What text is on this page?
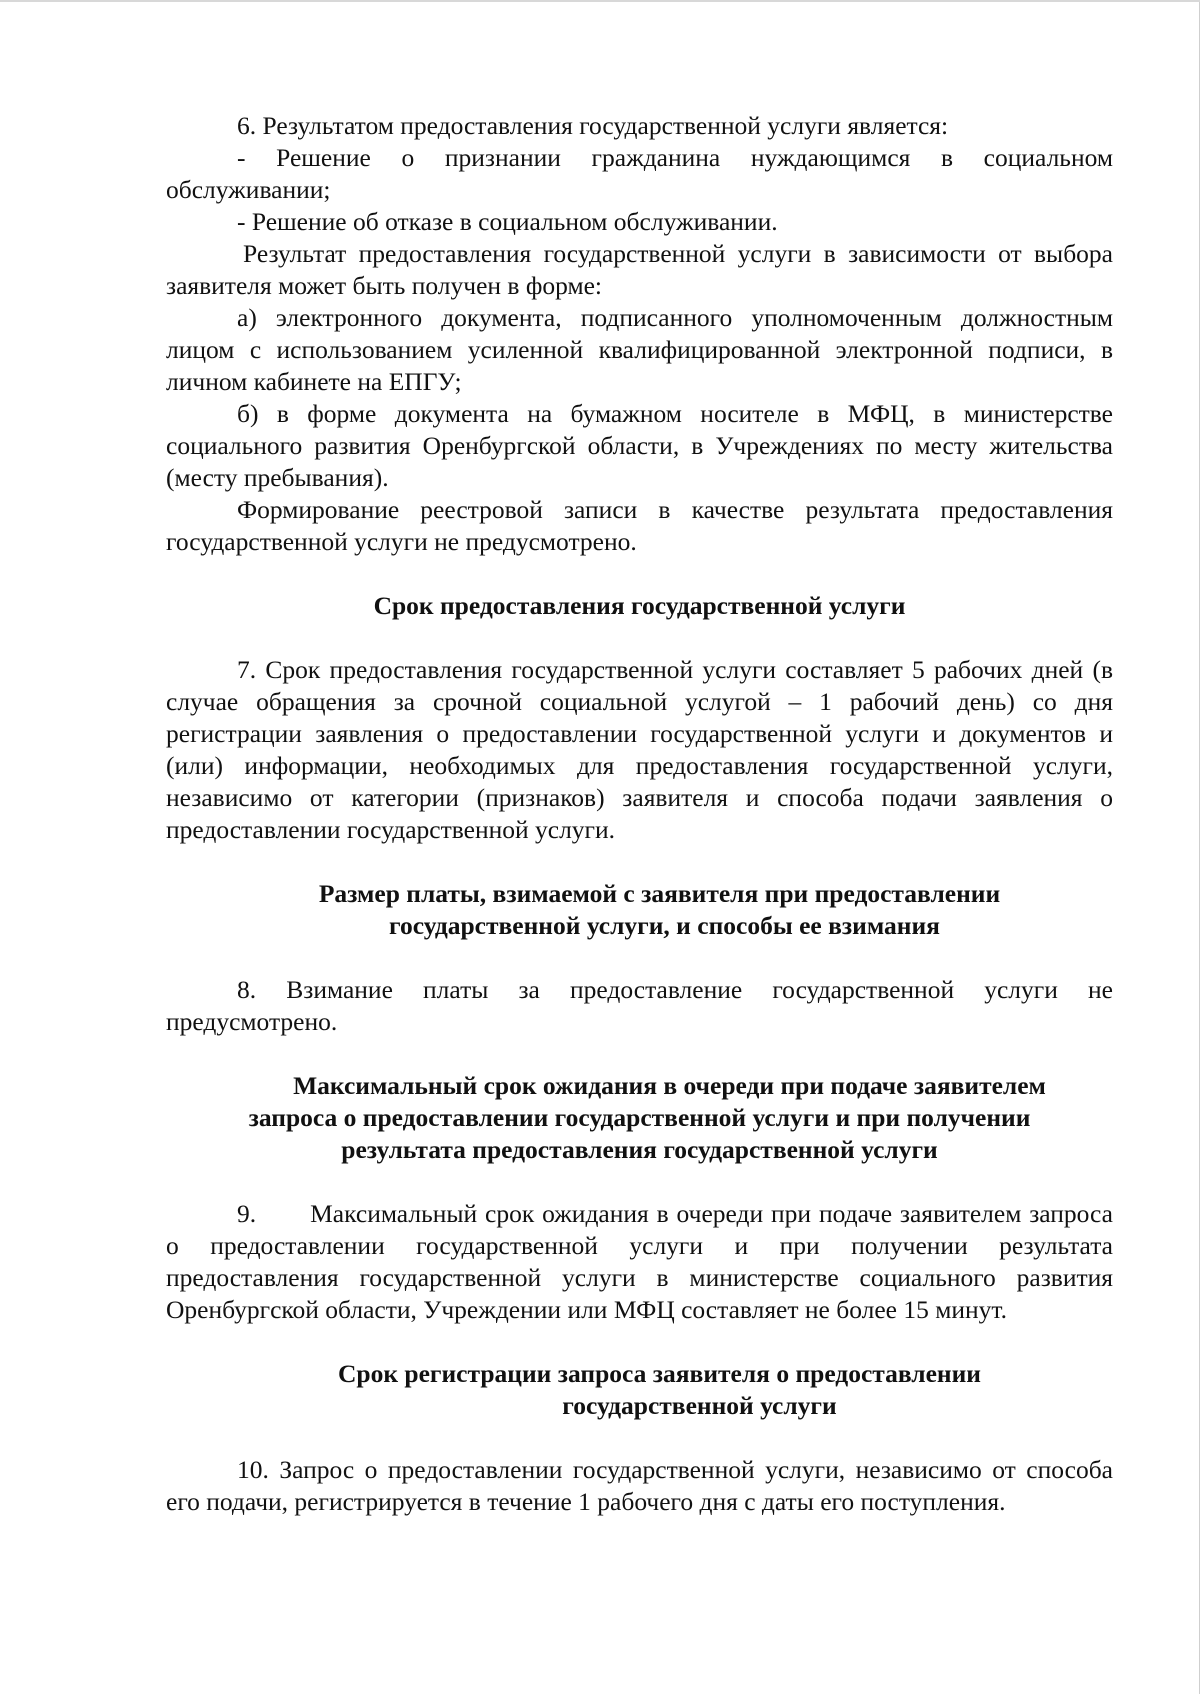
6. Результатом предоставления государственной услуги является:

- Решение о признании гражданина нуждающимся в социальном обслуживании;

- Решение об отказе в социальном обслуживании.

Результат предоставления государственной услуги в зависимости от выбора заявителя может быть получен в форме:

а) электронного документа, подписанного уполномоченным должностным лицом с использованием усиленной квалифицированной электронной подписи, в личном кабинете на ЕПГУ;

б) в форме документа на бумажном носителе в МФЦ, в министерстве социального развития Оренбургской области, в Учреждениях по месту жительства (месту пребывания).

Формирование реестровой записи в качестве результата предоставления государственной услуги не предусмотрено.

Срок предоставления государственной услуги

7. Срок предоставления государственной услуги составляет 5 рабочих дней (в случае обращения за срочной социальной услугой – 1 рабочий день) со дня регистрации заявления о предоставлении государственной услуги и документов и (или) информации, необходимых для предоставления государственной услуги, независимо от категории (признаков) заявителя и способа подачи заявления о предоставлении государственной услуги.

Размер платы, взимаемой с заявителя при предоставлении
государственной услуги, и способы ее взимания

8. Взимание платы за предоставление государственной услуги не предусмотрено.

Максимальный срок ожидания в очереди при подаче заявителем
запроса о предоставлении государственной услуги и при получении
результата предоставления государственной услуги

9. Максимальный срок ожидания в очереди при подаче заявителем запроса о предоставлении государственной услуги и при получении результата предоставления государственной услуги в министерстве социального развития Оренбургской области, Учреждении или МФЦ составляет не более 15 минут.

Срок регистрации запроса заявителя о предоставлении
государственной услуги

10. Запрос о предоставлении государственной услуги, независимо от способа его подачи, регистрируется в течение 1 рабочего дня с даты его поступления.
